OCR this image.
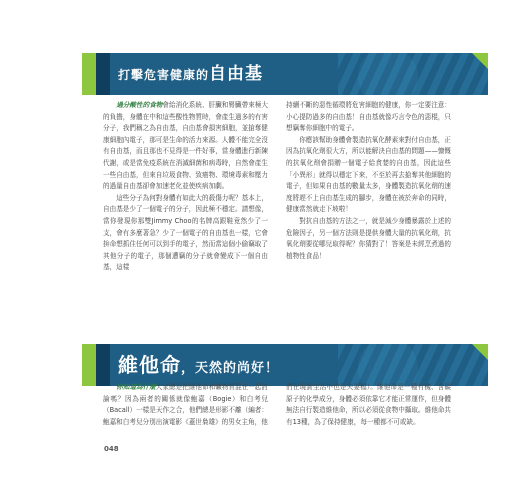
打擊危害健康的自由基

過分酸性的食物會給消化系統、肝臟和腎臟帶來極大的負擔，身體在中和這些酸性物質時，會產生過多的有害分子，我們稱之為自由基，自由基會損害細胞，並搶奪健康細胞內電子，那可是生命的活力來源。人體不能完全沒有自由基，而且那也不見得是一件好事，當身體進行新陳代謝，或是當免疫系統在消滅細菌和病毒時，自然會產生一些自由基，但來自垃圾食物、致癌物、環境毒素和壓力的過量自由基卻會加速老化並使疾病加劇。

這些分子為何對身體有如此大的殺傷力呢？基本上，自由基是少了一個電子的分子，因此極不穩定。請想像，當你發現你那雙Jimmy Choo的名牌高跟鞋竟然少了一支，會有多麼著急？少了一個電子的自由基也一樣，它會拚命想抓住任何可以到手的電子，然而當這個小偷竊取了其他分子的電子，那個遭竊的分子就會變成下一個自由基，這樣

持續不斷的惡性循環將危害細胞的健康，你一定要注意：小心提防過多的自由基！自由基就像巧言令色的惡棍，只想竊奪你細胞中的電子。

你應該幫助身體會製造抗氧化酵素來對付自由基，正因為抗氧化劑很大方，所以能解決自由基的問題——慷慨的抗氧化劑會捐贈一個電子給貪婪的自由基，因此這些「小異形」就得以穩定下來，不至於再去搶奪其他細胞的電子，但如果自由基的數量太多，身體製造抗氧化劑的速度將趕不上自由基生成的腳步，身體在被於奔命的同時，健康當然就走下坡啦！

對抗自由基的方法之一，就是減少身體暴露於上述的危險因子，另一個方法則是提供身體大量的抗氧化劑，抗氧化劑要從哪兒取得呢？你猜對了！答案是未經烹煮過的植物性食品！

維他命，天然的尚好！

你知道為什麼大家總是把維他命和礦物質混在一起討論嗎？因為兩者的關係就像鮑嘉（Bogie）和白考兒（Bacall）一樣是天作之合，他們總是形影不離（編者：鮑嘉和白考兒分別出演電影《蓋世梟雄》的男女主角，他

們在現實生活中也是夫妻檔）。維他命是一種有機、含碳原子的化學成分，身體必須依靠它才能正常運作，但身體無法自行製造維他命，所以必須從食物中攝取。維他命共有13種，為了保持健康，每一種都不可或缺。

048
